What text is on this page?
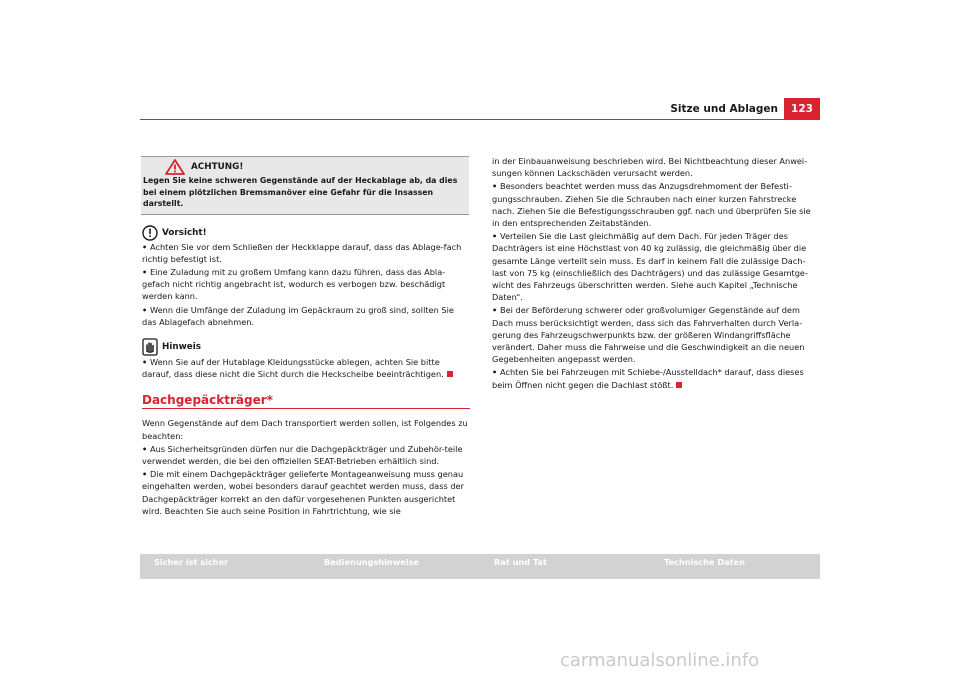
Sitze und Ablagen	123
ACHTUNG!
Legen Sie keine schweren Gegenstände auf der Heckablage ab, da dies bei einem plötzlichen Bremsmanöver eine Gefahr für die Insassen darstellt.
Vorsicht!

• Achten Sie vor dem Schließen der Heckklappe darauf, dass das Ablage-fach richtig befestigt ist.

• Eine Zuladung mit zu großem Umfang kann dazu führen, dass das Abla-gefach nicht richtig angebracht ist, wodurch es verbogen bzw. beschädigt werden kann.

• Wenn die Umfänge der Zuladung im Gepäckraum zu groß sind, sollten Sie das Ablagefach abnehmen.

Hinweis

• Wenn Sie auf der Hutablage Kleidungsstücke ablegen, achten Sie bitte darauf, dass diese nicht die Sicht durch die Heckscheibe beeinträchtigen.

Dachgepäckträger*

Wenn Gegenstände auf dem Dach transportiert werden sollen, ist Folgendes zu beachten:

• Aus Sicherheitsgründen dürfen nur die Dachgepäckträger und Zubehör-teile verwendet werden, die bei den offiziellen SEAT-Betrieben erhältlich sind.

• Die mit einem Dachgepäckträger gelieferte Montageanweisung muss genau eingehalten werden, wobei besonders darauf geachtet werden muss, dass der Dachgepäckträger korrekt an den dafür vorgesehenen Punkten ausgerichtet wird. Beachten Sie auch seine Position in Fahrtrichtung, wie sie

in der Einbauanweisung beschrieben wird. Bei Nichtbeachtung dieser Anwei-sungen können Lackschäden verursacht werden.

• Besonders beachtet werden muss das Anzugsdrehmoment der Befesti-gungsschrauben. Ziehen Sie die Schrauben nach einer kurzen Fahrstrecke nach. Ziehen Sie die Befestigungsschrauben ggf. nach und überprüfen Sie sie in den entsprechenden Zeitabständen.

• Verteilen Sie die Last gleichmäßig auf dem Dach. Für jeden Träger des Dachträgers ist eine Höchstlast von 40 kg zulässig, die gleichmäßig über die gesamte Länge verteilt sein muss. Es darf in keinem Fall die zulässige Dach-last von 75 kg (einschließlich des Dachträgers) und das zulässige Gesamtge-wicht des Fahrzeugs überschritten werden. Siehe auch Kapitel „Technische Daten“.

• Bei der Beförderung schwerer oder großvolumiger Gegenstände auf dem Dach muss berücksichtigt werden, dass sich das Fahrverhalten durch Verla-gerung des Fahrzeugschwerpunkts bzw. der größeren Windangriffsfläche verändert. Daher muss die Fahrweise und die Geschwindigkeit an die neuen Gegebenheiten angepasst werden.

• Achten Sie bei Fahrzeugen mit Schiebe-/Ausstelldach* darauf, dass dieses beim Öffnen nicht gegen die Dachlast stößt.

Sicher ist sicher	Bedienungshinweise	Rat und Tat	Technische Daten
carmanualsonline.info
